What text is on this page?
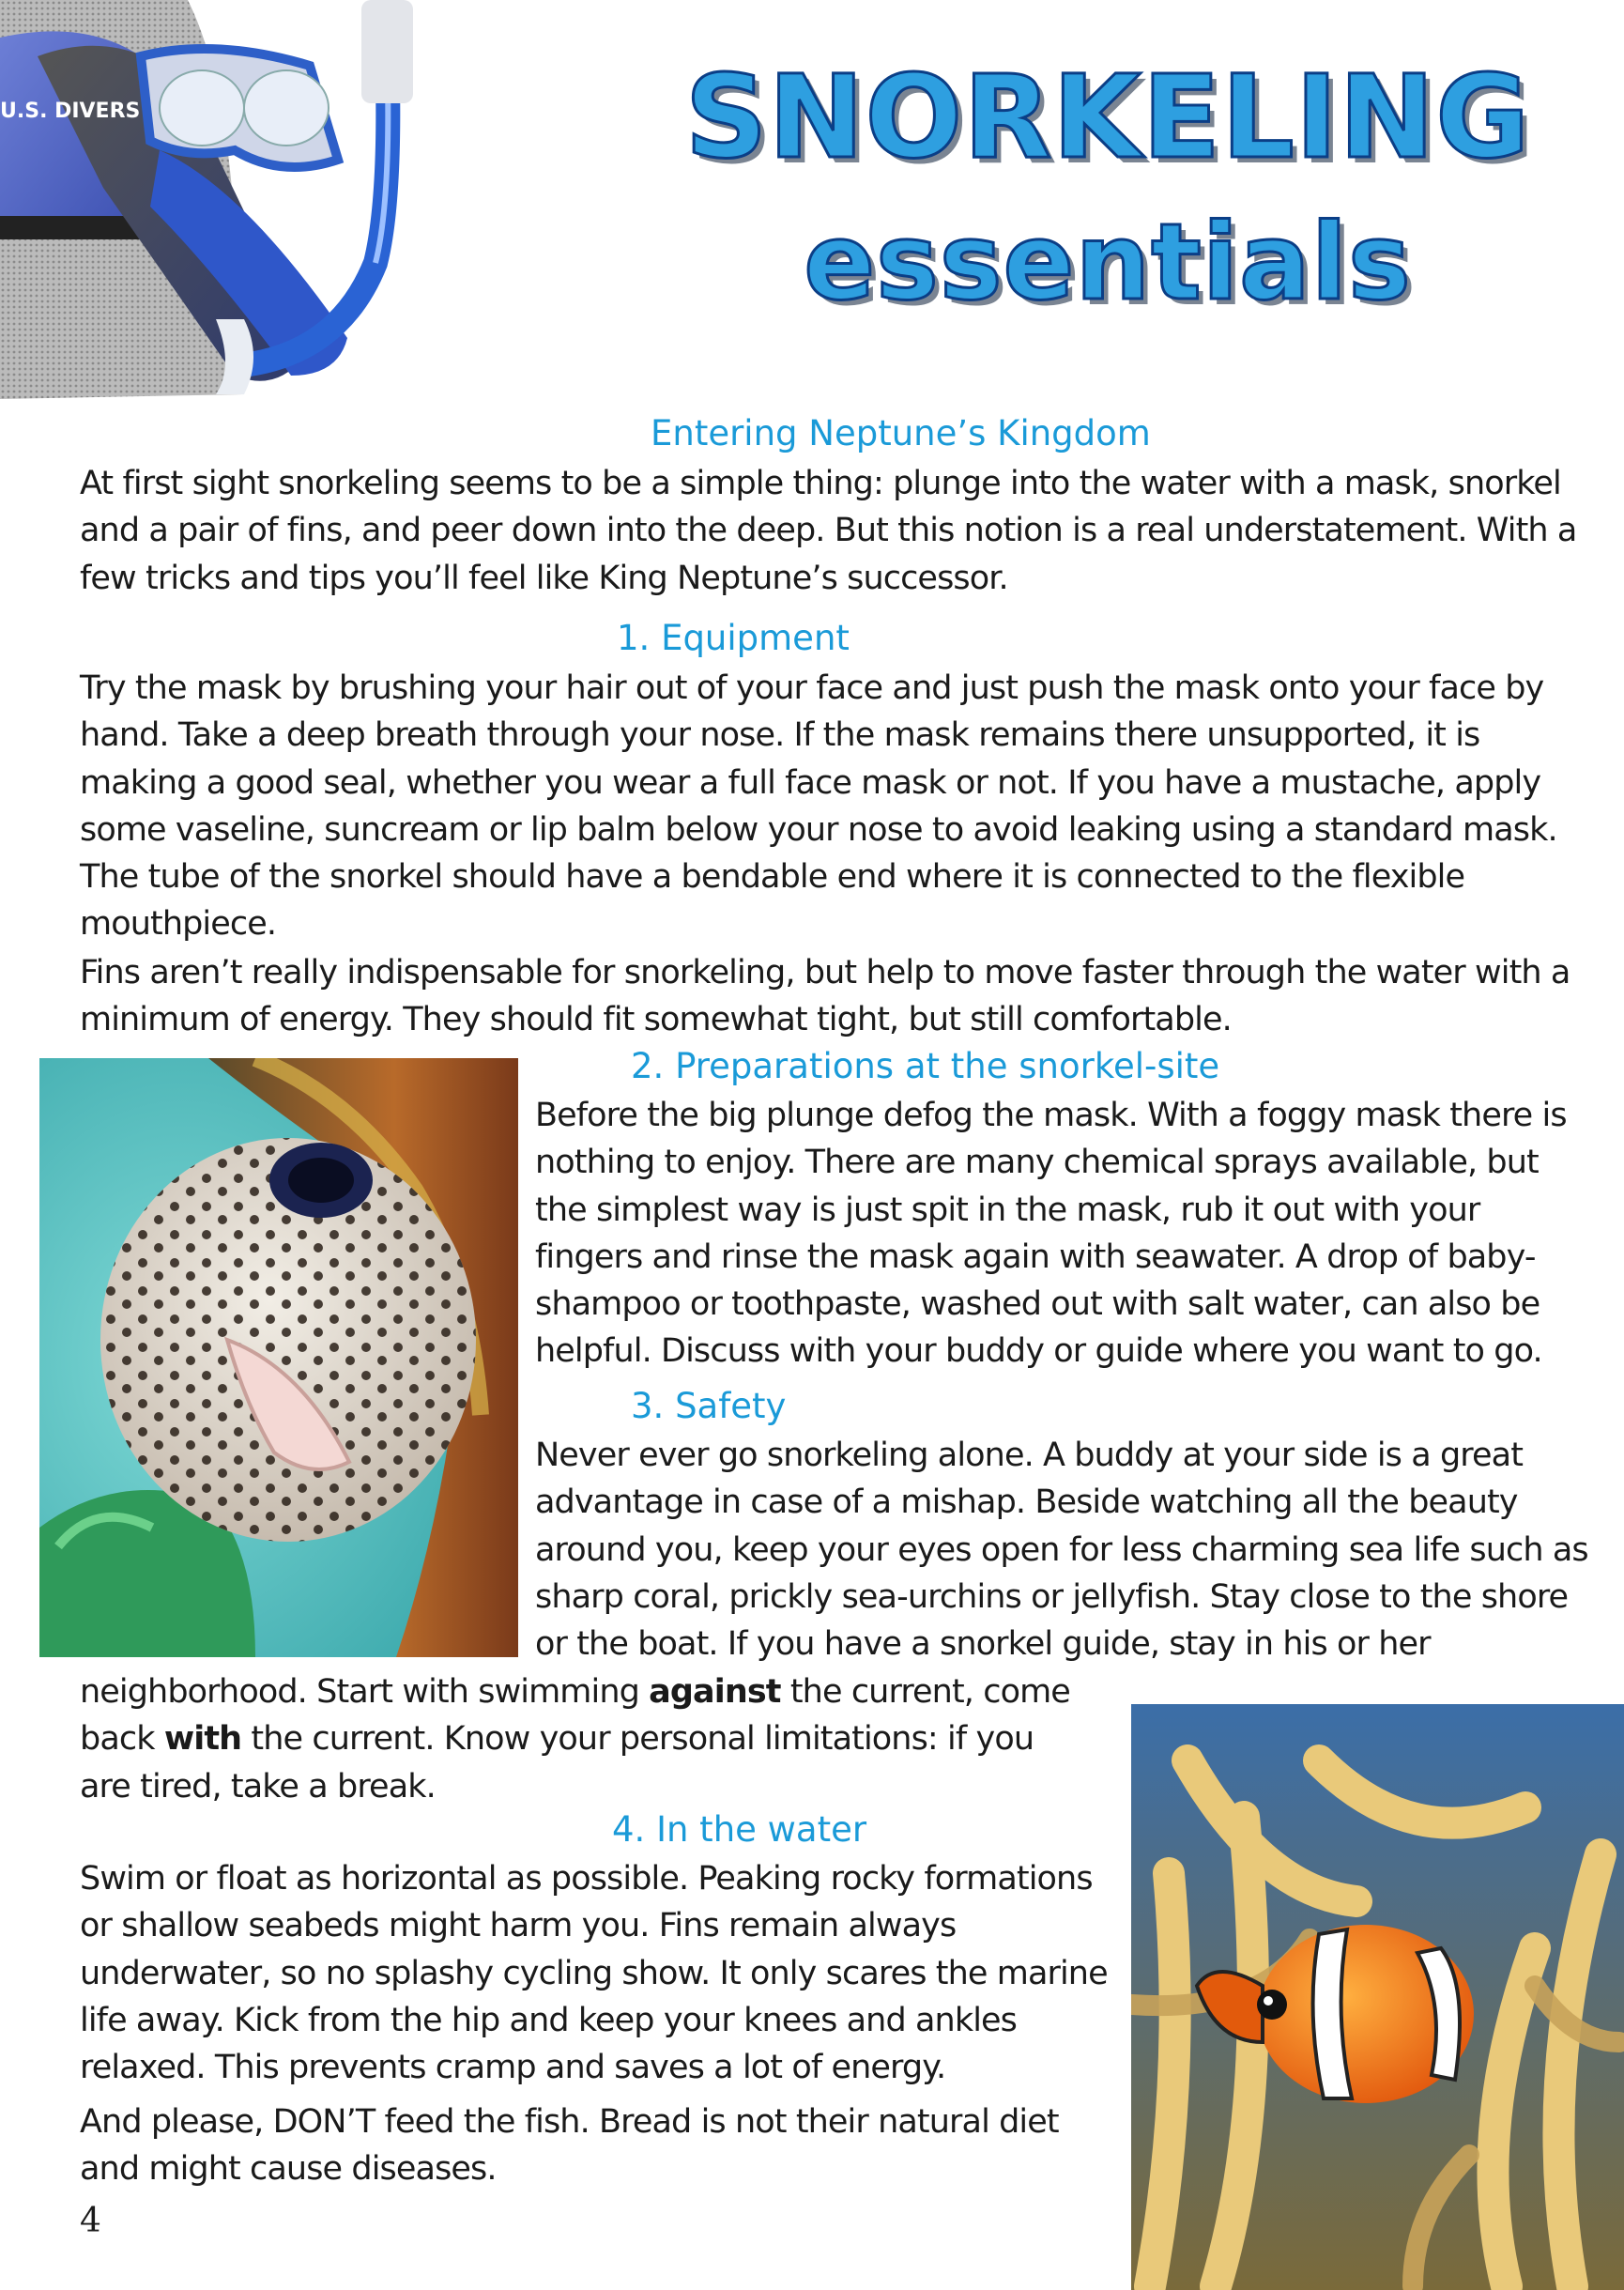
U.S. DIVERS	SNORKELING
essentials
Entering Neptune’s Kingdom

At first sight snorkeling seems to be a simple thing: plunge into the water with a mask, snorkel and a pair of fins, and peer down into the deep. But this notion is a real understatement. With a few tricks and tips you’ll feel like King Neptune’s successor.

1. Equipment

Try the mask by brushing your hair out of your face and just push the mask onto your face by hand. Take a deep breath through your nose. If the mask remains there unsupported, it is making a good seal, whether you wear a full face mask or not. If you have a mustache, apply some vaseline, suncream or lip balm below your nose to avoid leaking using a standard mask. The tube of the snorkel should have a bendable end where it is connected to the flexible mouthpiece.

Fins aren’t really indispensable for snorkeling, but help to move faster through the water with a minimum of energy. They should fit somewhat tight, but still comfortable.

2. Preparations at the snorkel-site

Before the big plunge defog the mask. With a foggy mask there is nothing to enjoy. There are many chemical sprays available, but the simplest way is just spit in the mask, rub it out with your fingers and rinse the mask again with seawater. A drop of baby-shampoo or toothpaste, washed out with salt water, can also be helpful. Discuss with your buddy or guide where you want to go.

3. Safety

Never ever go snorkeling alone. A buddy at your side is a great advantage in case of a mishap. Beside watching all the beauty around you, keep your eyes open for less charming sea life such as sharp coral, prickly sea-urchins or jellyfish. Stay close to the shore or the boat. If you have a snorkel guide, stay in his or her

neighborhood. Start with swimming against the current, come back with the current. Know your personal limitations: if you are tired, take a break.

4. In the water

Swim or float as horizontal as possible. Peaking rocky formations or shallow seabeds might harm you. Fins remain always underwater, so no splashy cycling show. It only scares the marine life away. Kick from the hip and keep your knees and ankles relaxed. This prevents cramp and saves a lot of energy.

And please, DON’T feed the fish. Bread is not their natural diet and might cause diseases.

4
